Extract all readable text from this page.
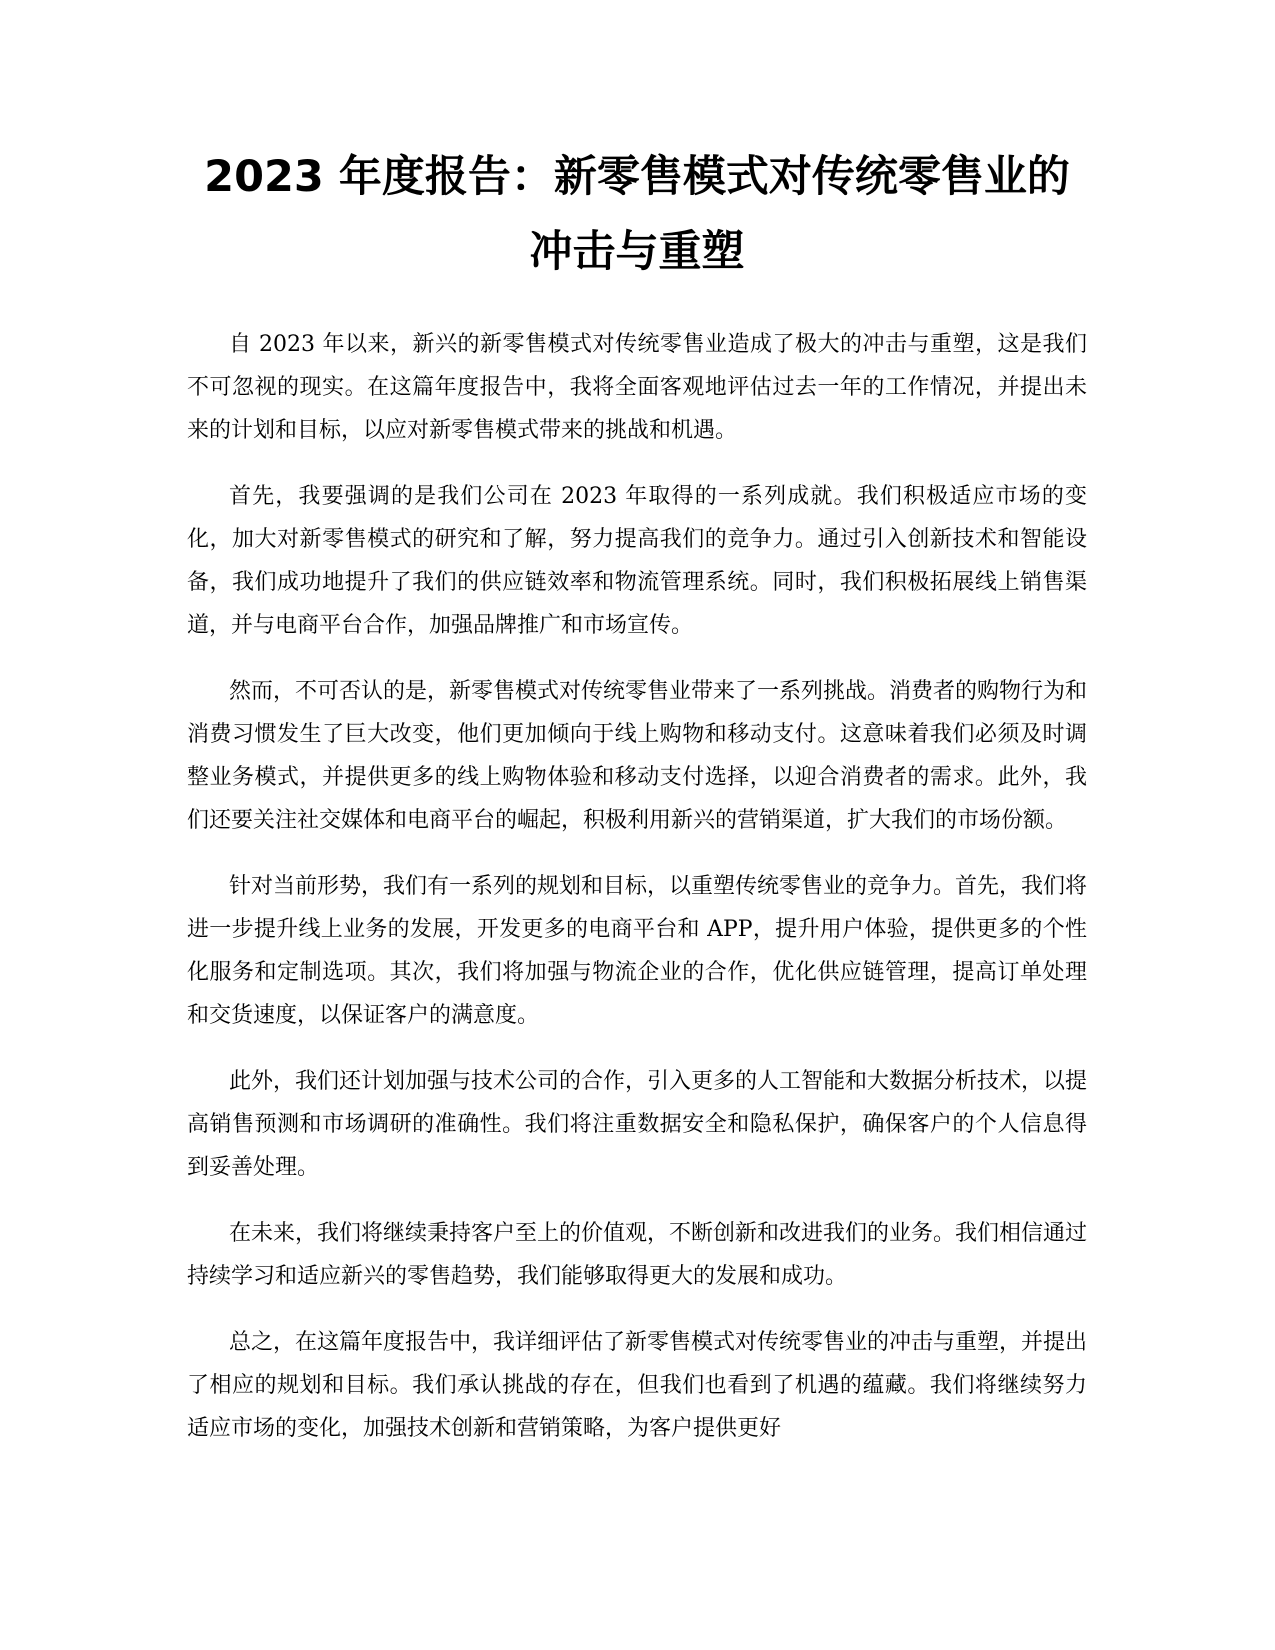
2023 年度报告：新零售模式对传统零售业的
冲击与重塑

自 2023 年以来，新兴的新零售模式对传统零售业造成了极大的冲击与重塑，这是我们不可忽视的现实。在这篇年度报告中，我将全面客观地评估过去一年的工作情况，并提出未来的计划和目标，以应对新零售模式带来的挑战和机遇。

首先，我要强调的是我们公司在 2023 年取得的一系列成就。我们积极适应市场的变化，加大对新零售模式的研究和了解，努力提高我们的竞争力。通过引入创新技术和智能设备，我们成功地提升了我们的供应链效率和物流管理系统。同时，我们积极拓展线上销售渠道，并与电商平台合作，加强品牌推广和市场宣传。

然而，不可否认的是，新零售模式对传统零售业带来了一系列挑战。消费者的购物行为和消费习惯发生了巨大改变，他们更加倾向于线上购物和移动支付。这意味着我们必须及时调整业务模式，并提供更多的线上购物体验和移动支付选择，以迎合消费者的需求。此外，我们还要关注社交媒体和电商平台的崛起，积极利用新兴的营销渠道，扩大我们的市场份额。

针对当前形势，我们有一系列的规划和目标，以重塑传统零售业的竞争力。首先，我们将进一步提升线上业务的发展，开发更多的电商平台和 APP，提升用户体验，提供更多的个性化服务和定制选项。其次，我们将加强与物流企业的合作，优化供应链管理，提高订单处理和交货速度，以保证客户的满意度。

此外，我们还计划加强与技术公司的合作，引入更多的人工智能和大数据分析技术，以提高销售预测和市场调研的准确性。我们将注重数据安全和隐私保护，确保客户的个人信息得到妥善处理。

在未来，我们将继续秉持客户至上的价值观，不断创新和改进我们的业务。我们相信通过持续学习和适应新兴的零售趋势，我们能够取得更大的发展和成功。

总之，在这篇年度报告中，我详细评估了新零售模式对传统零售业的冲击与重塑，并提出了相应的规划和目标。我们承认挑战的存在，但我们也看到了机遇的蕴藏。我们将继续努力适应市场的变化，加强技术创新和营销策略，为客户提供更好
